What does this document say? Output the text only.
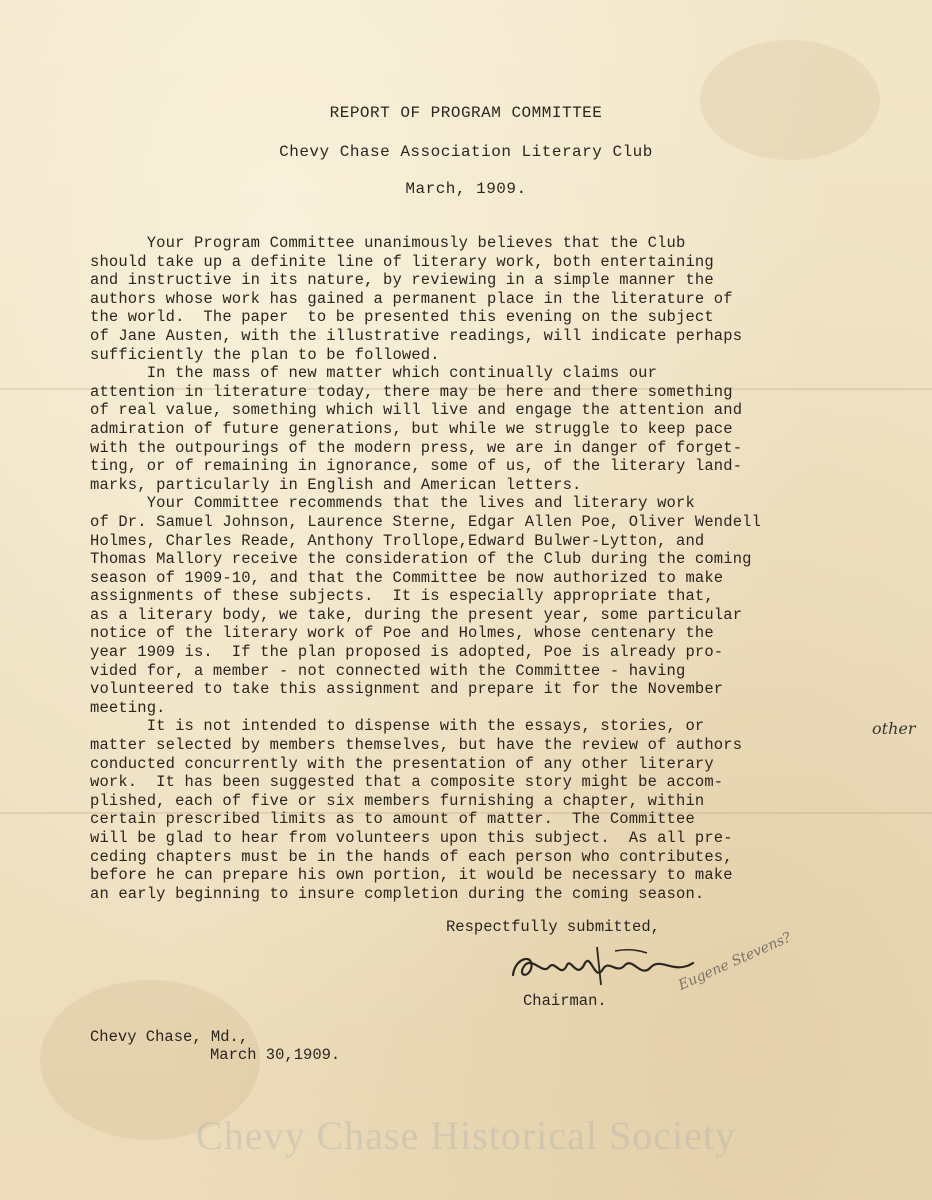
REPORT OF PROGRAM COMMITTEE

Chevy Chase Association Literary Club

March, 1909.

Your Program Committee unanimously believes that the Club
should take up a definite line of literary work, both entertaining
and instructive in its nature, by reviewing in a simple manner the
authors whose work has gained a permanent place in the literature of
the world.  The paper  to be presented this evening on the subject
of Jane Austen, with the illustrative readings, will indicate perhaps
sufficiently the plan to be followed.
In the mass of new matter which continually claims our
attention in literature today, there may be here and there something
of real value, something which will live and engage the attention and
admiration of future generations, but while we struggle to keep pace
with the outpourings of the modern press, we are in danger of forget-
ting, or of remaining in ignorance, some of us, of the literary land-
marks, particularly in English and American letters.
Your Committee recommends that the lives and literary work
of Dr. Samuel Johnson, Laurence Sterne, Edgar Allen Poe, Oliver Wendell
Holmes, Charles Reade, Anthony Trollope,Edward Bulwer-Lytton, and
Thomas Mallory receive the consideration of the Club during the coming
season of 1909-10, and that the Committee be now authorized to make
assignments of these subjects.  It is especially appropriate that,
as a literary body, we take, during the present year, some particular
notice of the literary work of Poe and Holmes, whose centenary the
year 1909 is.  If the plan proposed is adopted, Poe is already pro-
vided for, a member - not connected with the Committee - having
volunteered to take this assignment and prepare it for the November
meeting.
It is not intended to dispense with the essays, stories, or
matter selected by members themselves, but have the review of authors
conducted concurrently with the presentation of any other literary
work.  It has been suggested that a composite story might be accom-
plished, each of five or six members furnishing a chapter, within
certain prescribed limits as to amount of matter.  The Committee
will be glad to hear from volunteers upon this subject.  As all pre-
ceding chapters must be in the hands of each person who contributes,
before he can prepare his own portion, it would be necessary to make
an early beginning to insure completion during the coming season.
other

Respectfully submitted,

Chairman.

Eugene Stevens?

Chevy Chase, Md.,

March 30,1909.

Chevy Chase Historical Society
